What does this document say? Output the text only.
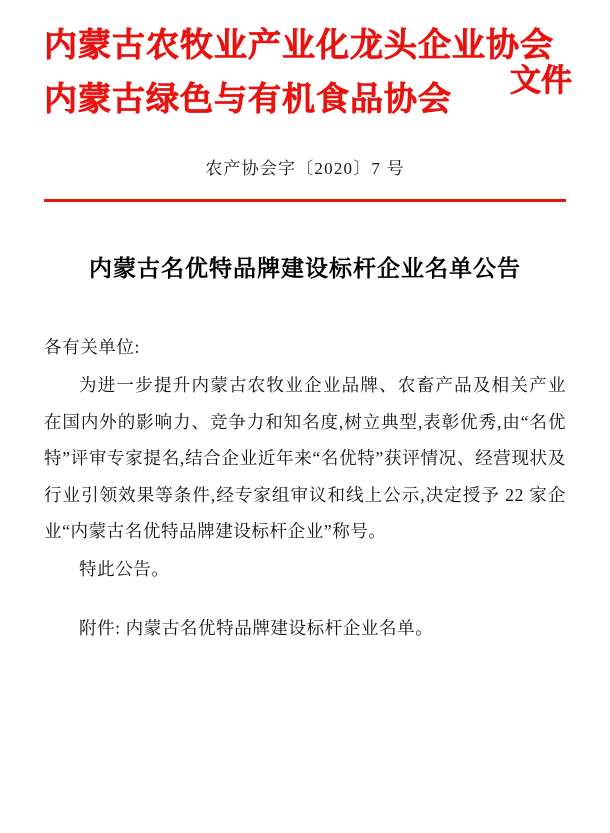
内蒙古农牧业产业化龙头企业协会
内蒙古绿色与有机食品协会	文件
农产协会字〔2020〕7 号
内蒙古名优特品牌建设标杆企业名单公告

各有关单位:

为进一步提升内蒙古农牧业企业品牌、农畜产品及相关产业在国内外的影响力、竞争力和知名度,树立典型,表彰优秀,由“名优特”评审专家提名,结合企业近年来“名优特”获评情况、经营现状及行业引领效果等条件,经专家组审议和线上公示,决定授予 22 家企业“内蒙古名优特品牌建设标杆企业”称号。

特此公告。

附件: 内蒙古名优特品牌建设标杆企业名单。
